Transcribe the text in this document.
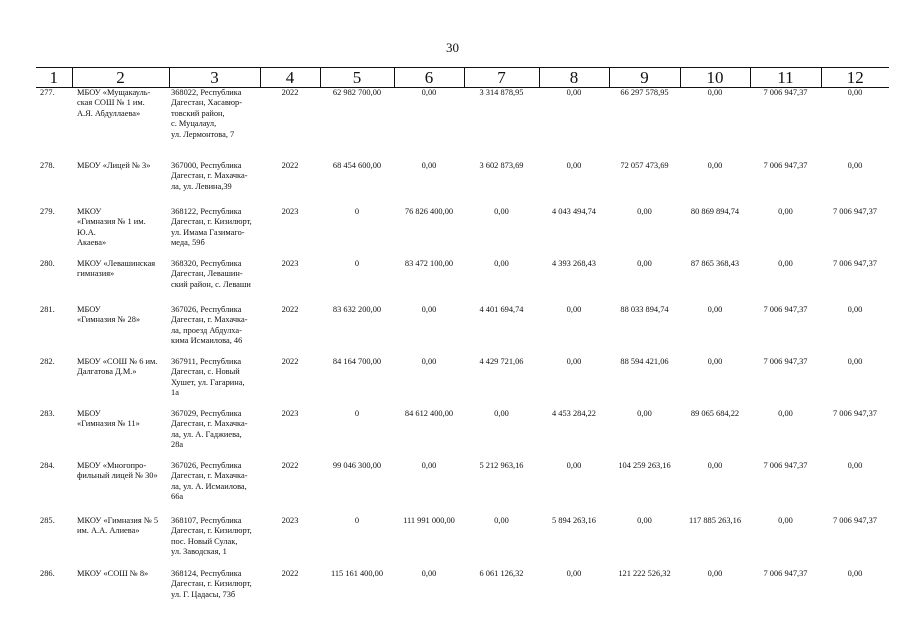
30
1	2	3	4	5	6	7	8	9	10	11	12
277.	МБОУ «Мущакауль-
ская СОШ № 1 им.
А.Я. Абдуллаева»	368022, Республика
Дагестан, Хасавюр-
товский район,
с. Муцалаул,
ул. Лермонтова, 7	2022	62 982 700,00	0,00	3 314 878,95	0,00	66 297 578,95	0,00	7 006 947,37	0,00
278.	МБОУ «Лицей № 3»	367000, Республика
Дагестан, г. Махачка-
ла, ул. Левина,39	2022	68 454 600,00	0,00	3 602 873,69	0,00	72 057 473,69	0,00	7 006 947,37	0,00
279.	МКОУ
«Гимназия № 1 им. Ю.А.
Акаева»	368122, Республика
Дагестан, г. Кизилюрт,
ул. Имама Газимаго-
меда, 59б	2023	0	76 826 400,00	0,00	4 043 494,74	0,00	80 869 894,74	0,00	7 006 947,37
280.	МКОУ «Левашинская
гимназия»	368320, Республика
Дагестан, Левашин-
ский район, с. Леваши	2023	0	83 472 100,00	0,00	4 393 268,43	0,00	87 865 368,43	0,00	7 006 947,37
281.	МБОУ
«Гимназия № 28»	367026, Республика
Дагестан, г. Махачка-
ла, проезд Абдулха-
кима Исмаилова, 46	2022	83 632 200,00	0,00	4 401 694,74	0,00	88 033 894,74	0,00	7 006 947,37	0,00
282.	МБОУ «СОШ № 6 им.
Далгатова Д.М.»	367911, Республика
Дагестан, с. Новый
Хушет, ул. Гагарина,
1а	2022	84 164 700,00	0,00	4 429 721,06	0,00	88 594 421,06	0,00	7 006 947,37	0,00
283.	МБОУ
«Гимназия № 11»	367029, Республика
Дагестан, г. Махачка-
ла, ул. А. Гаджиева,
28а	2023	0	84 612 400,00	0,00	4 453 284,22	0,00	89 065 684,22	0,00	7 006 947,37
284.	МБОУ «Многопро-
фильный лицей № 30»	367026, Республика
Дагестан, г. Махачка-
ла, ул. А. Исмаилова,
66а	2022	99 046 300,00	0,00	5 212 963,16	0,00	104 259 263,16	0,00	7 006 947,37	0,00
285.	МКОУ «Гимназия № 5
им. А.А. Алиева»	368107, Республика
Дагестан, г. Кизилюрт,
пос. Новый Сулак,
ул. Заводская, 1	2023	0	111 991 000,00	0,00	5 894 263,16	0,00	117 885 263,16	0,00	7 006 947,37
286.	МКОУ «СОШ № 8»	368124, Республика
Дагестан, г. Кизилюрт,
ул. Г. Цадасы, 73б	2022	115 161 400,00	0,00	6 061 126,32	0,00	121 222 526,32	0,00	7 006 947,37	0,00
